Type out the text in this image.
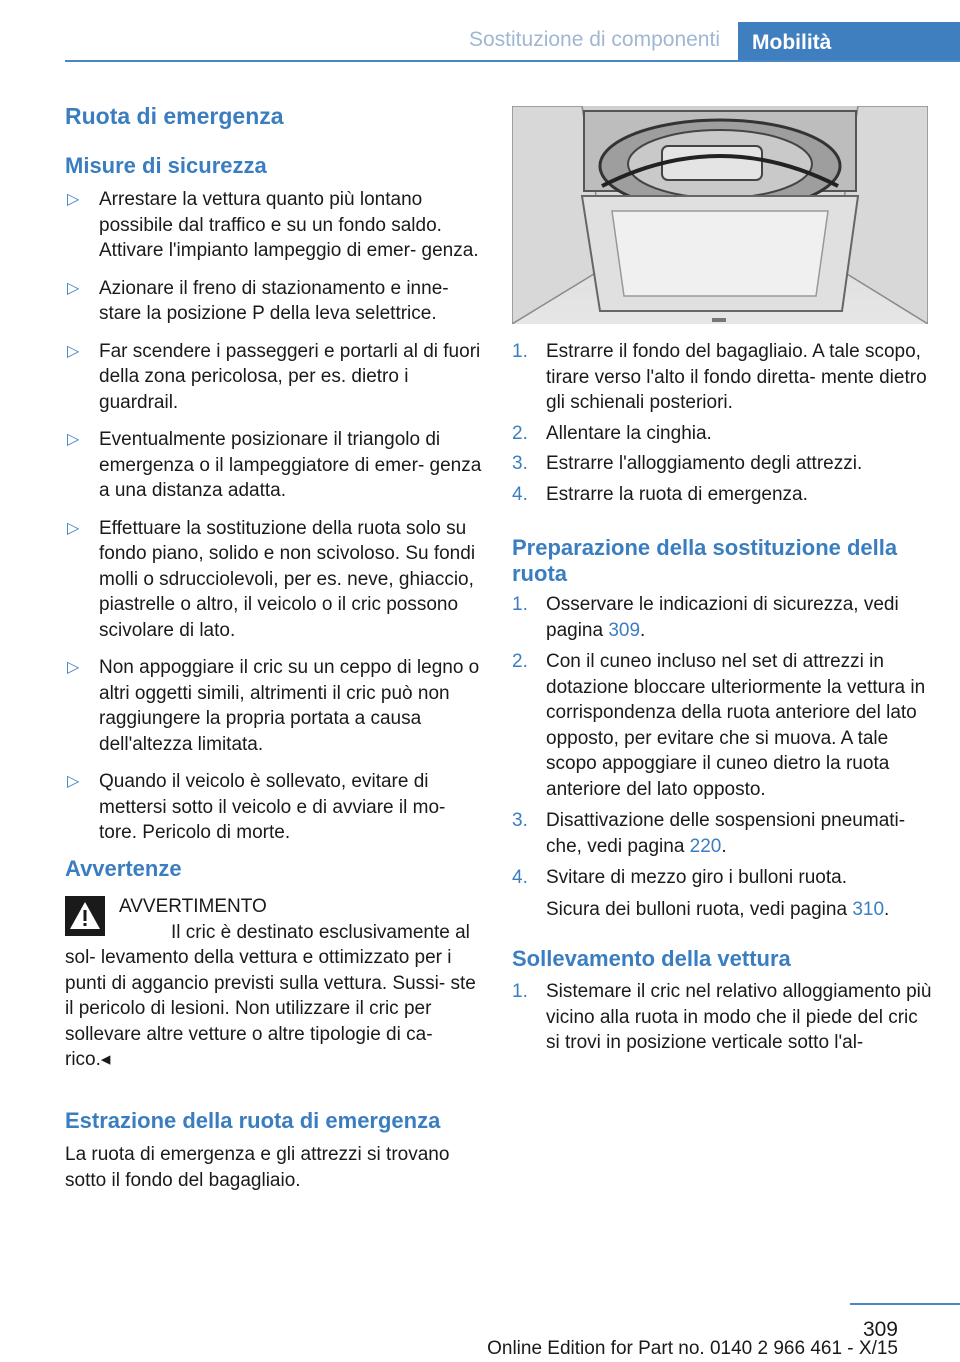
Sostituzione di componenti	Mobilità
Ruota di emergenza
Misure di sicurezza
▷ Arrestare la vettura quanto più lontano possibile dal traffico e su un fondo saldo. Attivare l'impianto lampeggio di emer‐ genza.
▷ Azionare il freno di stazionamento e inne‐ stare la posizione P della leva selettrice.
▷ Far scendere i passeggeri e portarli al di fuori della zona pericolosa, per es. dietro i guardrail.
▷ Eventualmente posizionare il triangolo di emergenza o il lampeggiatore di emer‐ genza a una distanza adatta.
▷ Effettuare la sostituzione della ruota solo su fondo piano, solido e non scivoloso. Su fondi molli o sdrucciolevoli, per es. neve, ghiaccio, piastrelle o altro, il veicolo o il cric possono scivolare di lato.
▷ Non appoggiare il cric su un ceppo di legno o altri oggetti simili, altrimenti il cric può non raggiungere la propria portata a causa dell'altezza limitata.
▷ Quando il veicolo è sollevato, evitare di mettersi sotto il veicolo e di avviare il mo‐ tore. Pericolo di morte.
Avvertenze
AVVERTIMENTO
Il cric è destinato esclusivamente al sol‐ levamento della vettura e ottimizzato per i punti di aggancio previsti sulla vettura. Sussi‐ ste il pericolo di lesioni. Non utilizzare il cric per sollevare altre vetture o altre tipologie di ca‐ rico.◂
Estrazione della ruota di emergenza

La ruota di emergenza e gli attrezzi si trovano sotto il fondo del bagagliaio.

1. Estrarre il fondo del bagagliaio. A tale scopo, tirare verso l'alto il fondo diretta‐ mente dietro gli schienali posteriori.
2. Allentare la cinghia.
3. Estrarre l'alloggiamento degli attrezzi.
4. Estrarre la ruota di emergenza.
Preparazione della sostituzione della ruota
1. Osservare le indicazioni di sicurezza, vedi pagina 309.
2. Con il cuneo incluso nel set di attrezzi in dotazione bloccare ulteriormente la vettura in corrispondenza della ruota anteriore del lato opposto, per evitare che si muova. A tale scopo appoggiare il cuneo dietro la ruota anteriore del lato opposto.
3. Disattivazione delle sospensioni pneumati‐ che, vedi pagina 220.
4. Svitare di mezzo giro i bulloni ruota.
Sicura dei bulloni ruota, vedi pagina 310.
Sollevamento della vettura
1. Sistemare il cric nel relativo alloggiamento più vicino alla ruota in modo che il piede del cric si trovi in posizione verticale sotto l'al‐
309
Online Edition for Part no. 0140 2 966 461 - X/15
